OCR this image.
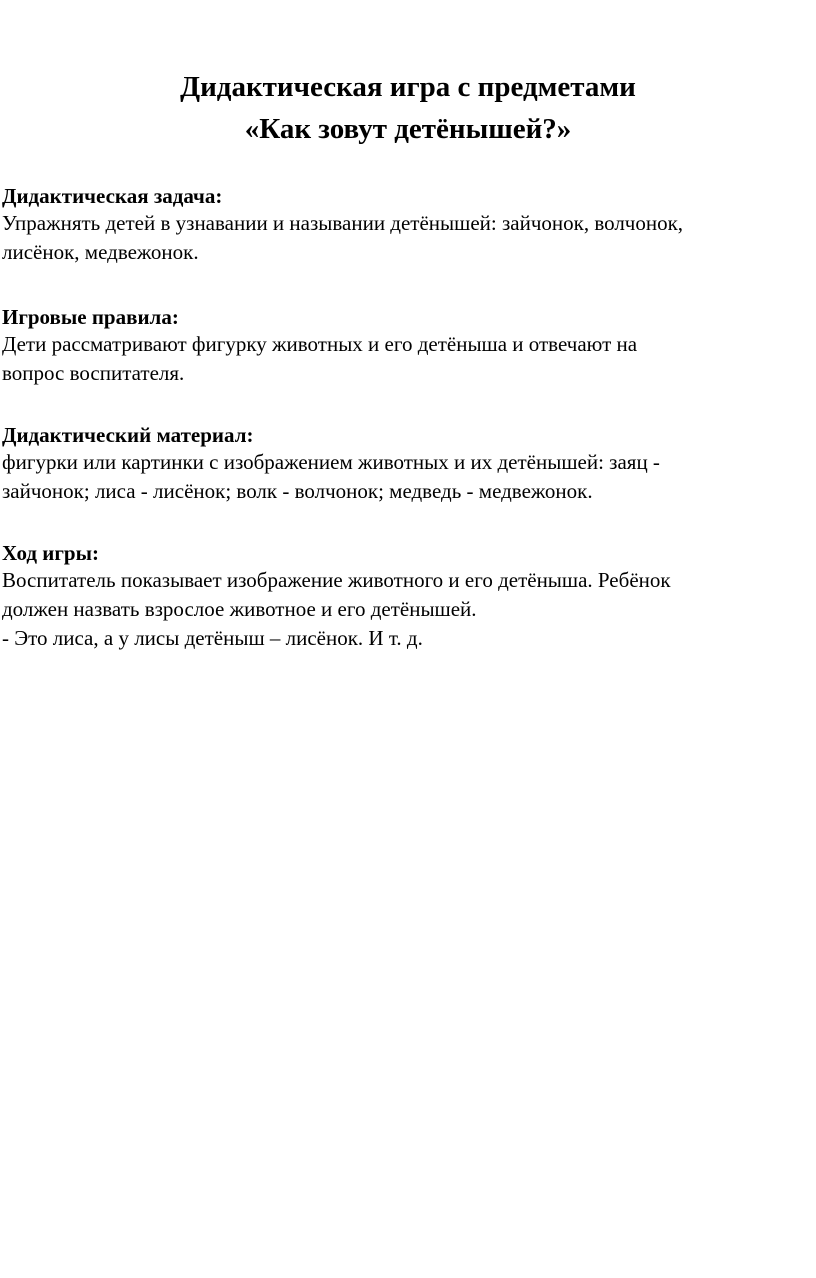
Дидактическая игра с предметами
«Как зовут детёнышей?»
Дидактическая задача:
Упражнять детей в узнавании и назывании детёнышей: зайчонок, волчонок,
лисёнок, медвежонок.
Игровые правила:
Дети рассматривают фигурку животных и его детёныша и отвечают на
вопрос воспитателя.
Дидактический материал:
фигурки или картинки с изображением животных и их детёнышей: заяц -
зайчонок; лиса - лисёнок; волк - волчонок; медведь - медвежонок.
Ход игры:
Воспитатель показывает изображение животного и его детёныша. Ребёнок
должен назвать взрослое животное и его детёнышей.
- Это лиса, а у лисы детёныш – лисёнок. И т. д.
